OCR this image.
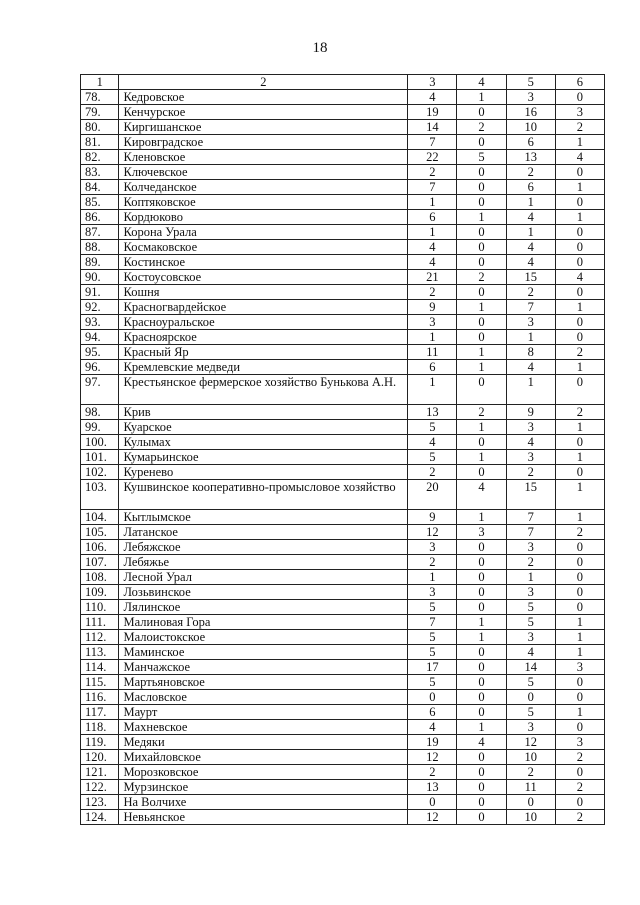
18
1	2	3	4	5	6
78.	Кедровское	4	1	3	0
79.	Кенчурское	19	0	16	3
80.	Киргишанское	14	2	10	2
81.	Кировградское	7	0	6	1
82.	Кленовское	22	5	13	4
83.	Ключевское	2	0	2	0
84.	Колчеданское	7	0	6	1
85.	Коптяковское	1	0	1	0
86.	Кордюково	6	1	4	1
87.	Корона Урала	1	0	1	0
88.	Космаковское	4	0	4	0
89.	Костинское	4	0	4	0
90.	Костоусовское	21	2	15	4
91.	Кошня	2	0	2	0
92.	Красногвардейское	9	1	7	1
93.	Красноуральское	3	0	3	0
94.	Красноярское	1	0	1	0
95.	Красный Яр	11	1	8	2
96.	Кремлевские медведи	6	1	4	1
97.	Крестьянское фермерское хозяйство Бунькова А.Н.	1	0	1	0
98.	Крив	13	2	9	2
99.	Куарское	5	1	3	1
100.	Кулымах	4	0	4	0
101.	Кумарьинское	5	1	3	1
102.	Куренево	2	0	2	0
103.	Кушвинское кооперативно-промысловое хозяйство	20	4	15	1
104.	Кытлымское	9	1	7	1
105.	Латанское	12	3	7	2
106.	Лебяжское	3	0	3	0
107.	Лебяжье	2	0	2	0
108.	Лесной Урал	1	0	1	0
109.	Лозьвинское	3	0	3	0
110.	Лялинское	5	0	5	0
111.	Малиновая Гора	7	1	5	1
112.	Малоистокское	5	1	3	1
113.	Маминское	5	0	4	1
114.	Манчажское	17	0	14	3
115.	Мартьяновское	5	0	5	0
116.	Масловское	0	0	0	0
117.	Маурт	6	0	5	1
118.	Махневское	4	1	3	0
119.	Медяки	19	4	12	3
120.	Михайловское	12	0	10	2
121.	Морозковское	2	0	2	0
122.	Мурзинское	13	0	11	2
123.	На Волчихе	0	0	0	0
124.	Невьянское	12	0	10	2
